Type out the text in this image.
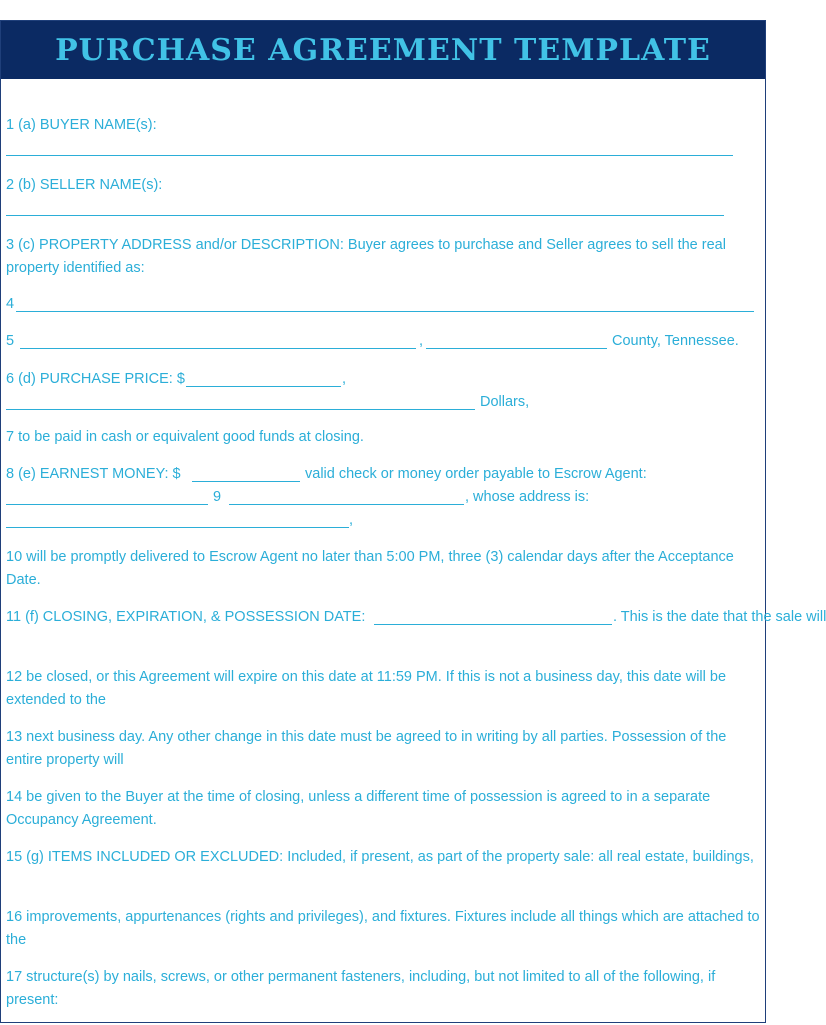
PURCHASE AGREEMENT TEMPLATE
1 (a) BUYER NAME(s):
2 (b) SELLER NAME(s):
3 (c) PROPERTY ADDRESS and/or DESCRIPTION: Buyer agrees to purchase and Seller agrees to sell the real property identified as:
4
5	,	County, Tennessee.
6 (d) PURCHASE PRICE: $	,
Dollars,
7 to be paid in cash or equivalent good funds at closing.
8 (e) EARNEST MONEY: $	valid check or money order payable to Escrow Agent:
9	, whose address is:
,
10 will be promptly delivered to Escrow Agent no later than 5:00 PM, three (3) calendar days after the Acceptance Date.
11 (f) CLOSING, EXPIRATION, & POSSESSION DATE:	. This is the date that the sale will
12 be closed, or this Agreement will expire on this date at 11:59 PM. If this is not a business day, this date will be extended to the
13 next business day. Any other change in this date must be agreed to in writing by all parties. Possession of the entire property will
14 be given to the Buyer at the time of closing, unless a different time of possession is agreed to in a separate Occupancy Agreement.
15 (g) ITEMS INCLUDED OR EXCLUDED: Included, if present, as part of the property sale: all real estate, buildings,
16 improvements, appurtenances (rights and privileges), and fixtures. Fixtures include all things which are attached to the
17 structure(s) by nails, screws, or other permanent fasteners, including, but not limited to all of the following, if present:
